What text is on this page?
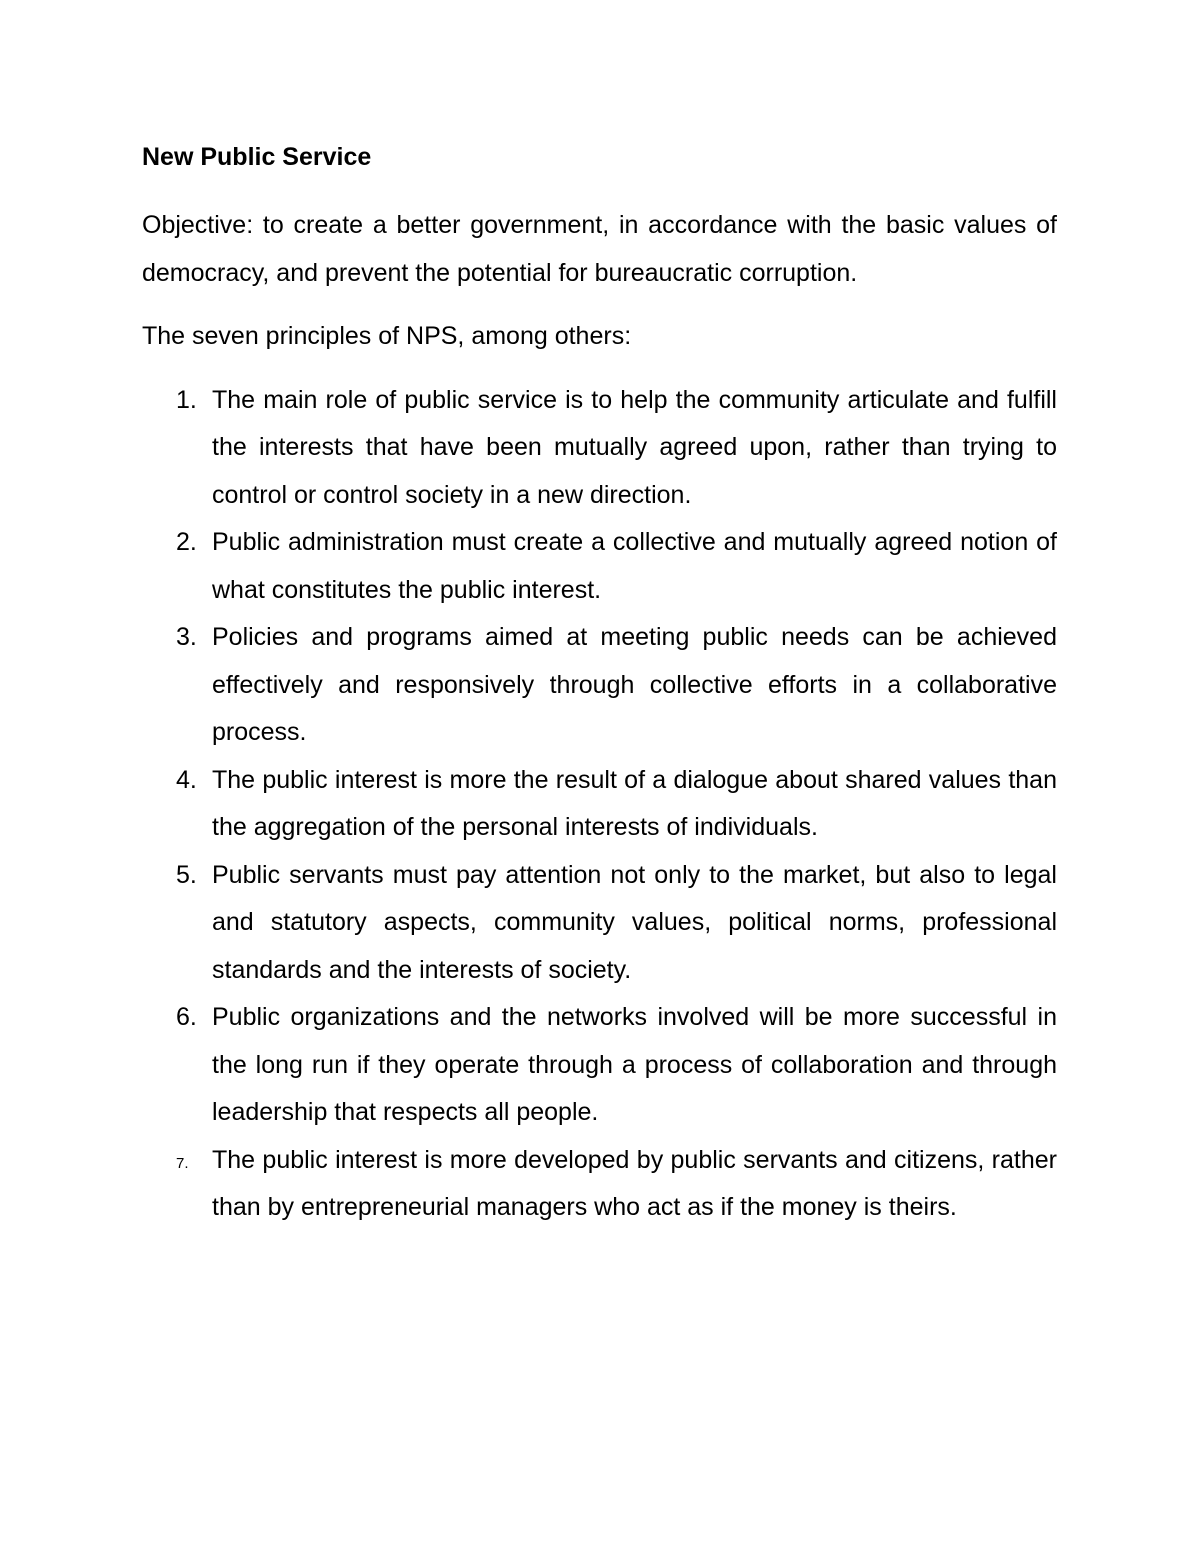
New Public Service

Objective: to create a better government, in accordance with the basic values of democracy, and prevent the potential for bureaucratic corruption.

The seven principles of NPS, among others:

1. The main role of public service is to help the community articulate and fulfill the interests that have been mutually agreed upon, rather than trying to control or control society in a new direction.
2. Public administration must create a collective and mutually agreed notion of what constitutes the public interest.
3. Policies and programs aimed at meeting public needs can be achieved effectively and responsively through collective efforts in a collaborative process.
4. The public interest is more the result of a dialogue about shared values than the aggregation of the personal interests of individuals.
5. Public servants must pay attention not only to the market, but also to legal and statutory aspects, community values, political norms, professional standards and the interests of society.
6. Public organizations and the networks involved will be more successful in the long run if they operate through a process of collaboration and through leadership that respects all people.
7. The public interest is more developed by public servants and citizens, rather than by entrepreneurial managers who act as if the money is theirs.
